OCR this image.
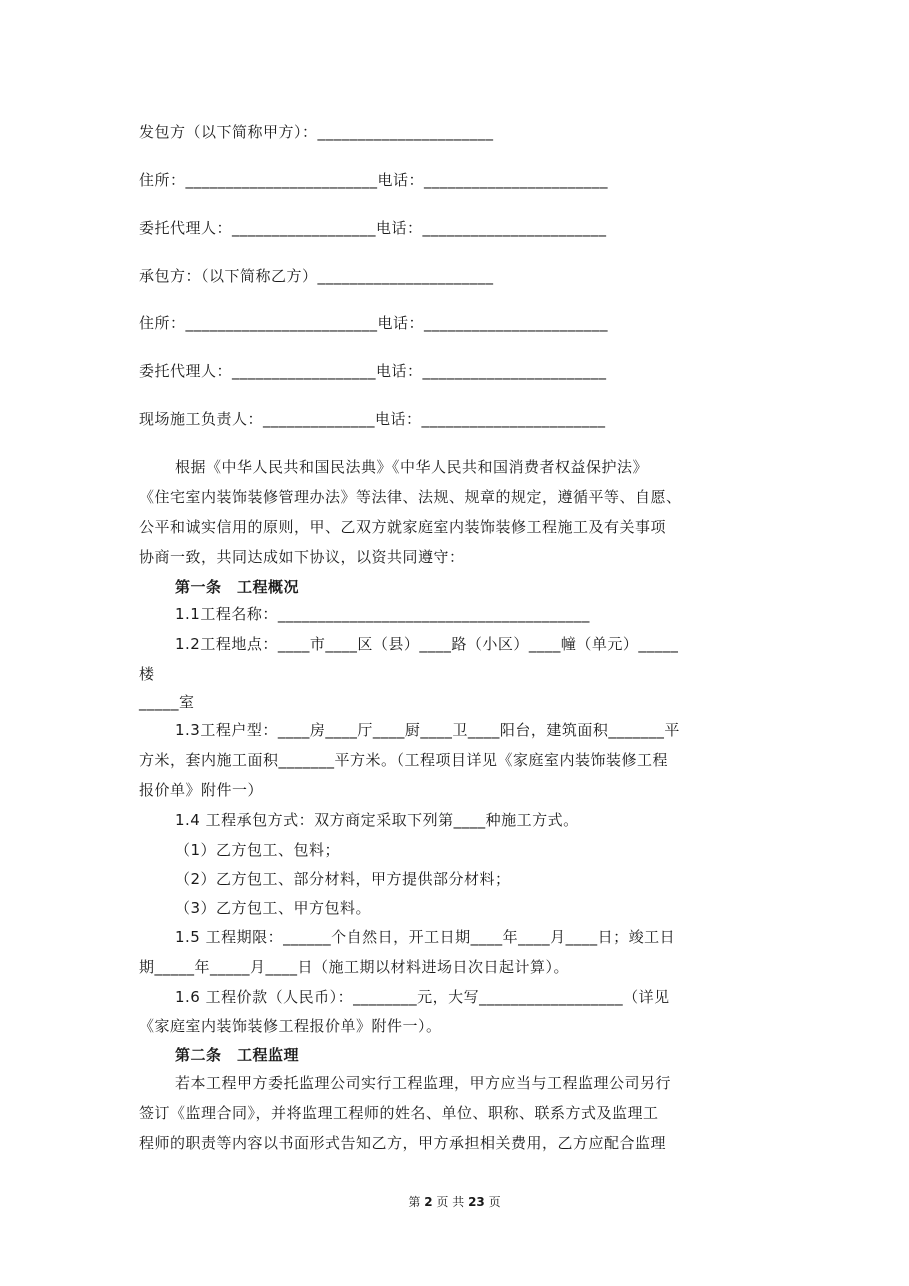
发包方（以下简称甲方）：______________________
住所：________________________电话：_______________________
委托代理人：__________________电话：_______________________
承包方：（以下简称乙方）______________________
住所：________________________电话：_______________________
委托代理人：__________________电话：_______________________
现场施工负责人：______________电话：_______________________
根据《中华人民共和国民法典》《中华人民共和国消费者权益保护法》
《住宅室内装饰装修管理办法》等法律、法规、规章的规定，遵循平等、自愿、
公平和诚实信用的原则，甲、乙双方就家庭室内装饰装修工程施工及有关事项
协商一致，共同达成如下协议，以资共同遵守：
第一条　工程概况
1.1工程名称：_______________________________________
1.2工程地点：____市____区（县）____路（小区）____幢（单元）_____
楼
_____室
1.3工程户型：____房____厅____厨____卫____阳台，建筑面积_______平
方米，套内施工面积_______平方米。（工程项目详见《家庭室内装饰装修工程
报价单》附件一）
1.4 工程承包方式：双方商定采取下列第____种施工方式。
（1）乙方包工、包料；
（2）乙方包工、部分材料，甲方提供部分材料；
（3）乙方包工、甲方包料。
1.5 工程期限：______个自然日，开工日期____年____月____日；竣工日
期_____年_____月____日（施工期以材料进场日次日起计算）。
1.6 工程价款（人民币）：________元，大写__________________（详见
《家庭室内装饰装修工程报价单》附件一）。
第二条　工程监理
若本工程甲方委托监理公司实行工程监理，甲方应当与工程监理公司另行
签订《监理合同》，并将监理工程师的姓名、单位、职称、联系方式及监理工
程师的职责等内容以书面形式告知乙方，甲方承担相关费用，乙方应配合监理
第 2 页 共 23 页
